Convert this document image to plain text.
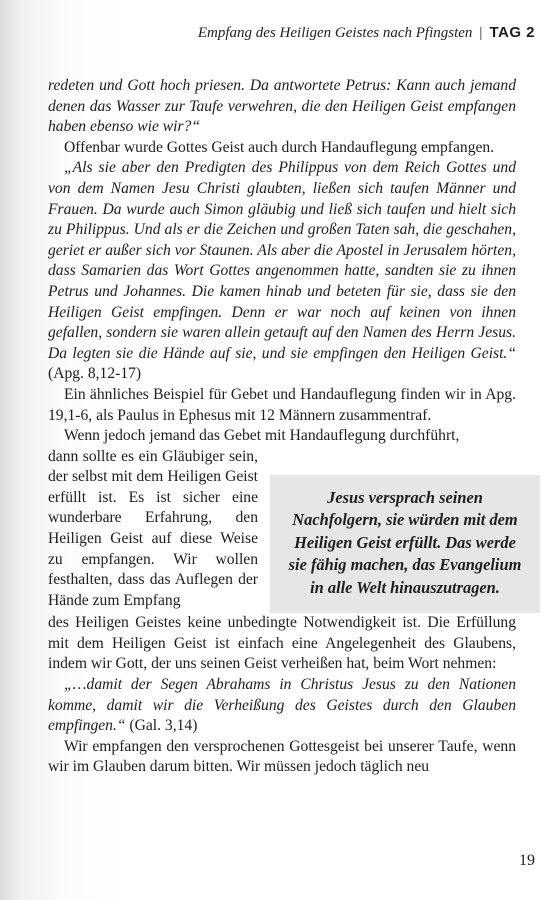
Empfang des Heiligen Geistes nach Pfingsten | TAG 2

redeten und Gott hoch priesen. Da antwortete Petrus: Kann auch jemand denen das Wasser zur Taufe verwehren, die den Heiligen Geist empfangen haben ebenso wie wir?“

Offenbar wurde Gottes Geist auch durch Handauflegung empfangen.

„Als sie aber den Predigten des Philippus von dem Reich Gottes und von dem Namen Jesu Christi glaubten, ließen sich taufen Männer und Frauen. Da wurde auch Simon gläubig und ließ sich taufen und hielt sich zu Philippus. Und als er die Zeichen und großen Taten sah, die geschahen, geriet er außer sich vor Staunen. Als aber die Apostel in Jerusalem hörten, dass Samarien das Wort Gottes angenommen hatte, sandten sie zu ihnen Petrus und Johannes. Die kamen hinab und beteten für sie, dass sie den Heiligen Geist empfingen. Denn er war noch auf keinen von ihnen gefallen, sondern sie waren allein getauft auf den Namen des Herrn Jesus. Da legten sie die Hände auf sie, und sie empfingen den Heiligen Geist.“ (Apg. 8,12-17)

Ein ähnliches Beispiel für Gebet und Handauflegung finden wir in Apg. 19,1-6, als Paulus in Ephesus mit 12 Männern zusammentraf.

Wenn jedoch jemand das Gebet mit Handauflegung durchführt,

dann sollte es ein Gläubiger sein, der selbst mit dem Heiligen Geist erfüllt ist. Es ist sicher eine wunderbare Erfahrung, den Heiligen Geist auf diese Weise zu empfangen. Wir wollen festhalten, dass das Auflegen der Hände zum Empfang

Jesus versprach seinen Nachfolgern, sie würden mit dem Heiligen Geist erfüllt. Das werde sie fähig machen, das Evangelium in alle Welt hinauszutragen.

des Heiligen Geistes keine unbedingte Notwendigkeit ist. Die Erfüllung mit dem Heiligen Geist ist einfach eine Angelegenheit des Glaubens, indem wir Gott, der uns seinen Geist verheißen hat, beim Wort nehmen:

„…damit der Segen Abrahams in Christus Jesus zu den Nationen komme, damit wir die Verheißung des Geistes durch den Glauben empfingen.“ (Gal. 3,14)

Wir empfangen den versprochenen Gottesgeist bei unserer Taufe, wenn wir im Glauben darum bitten. Wir müssen jedoch täglich neu

19
